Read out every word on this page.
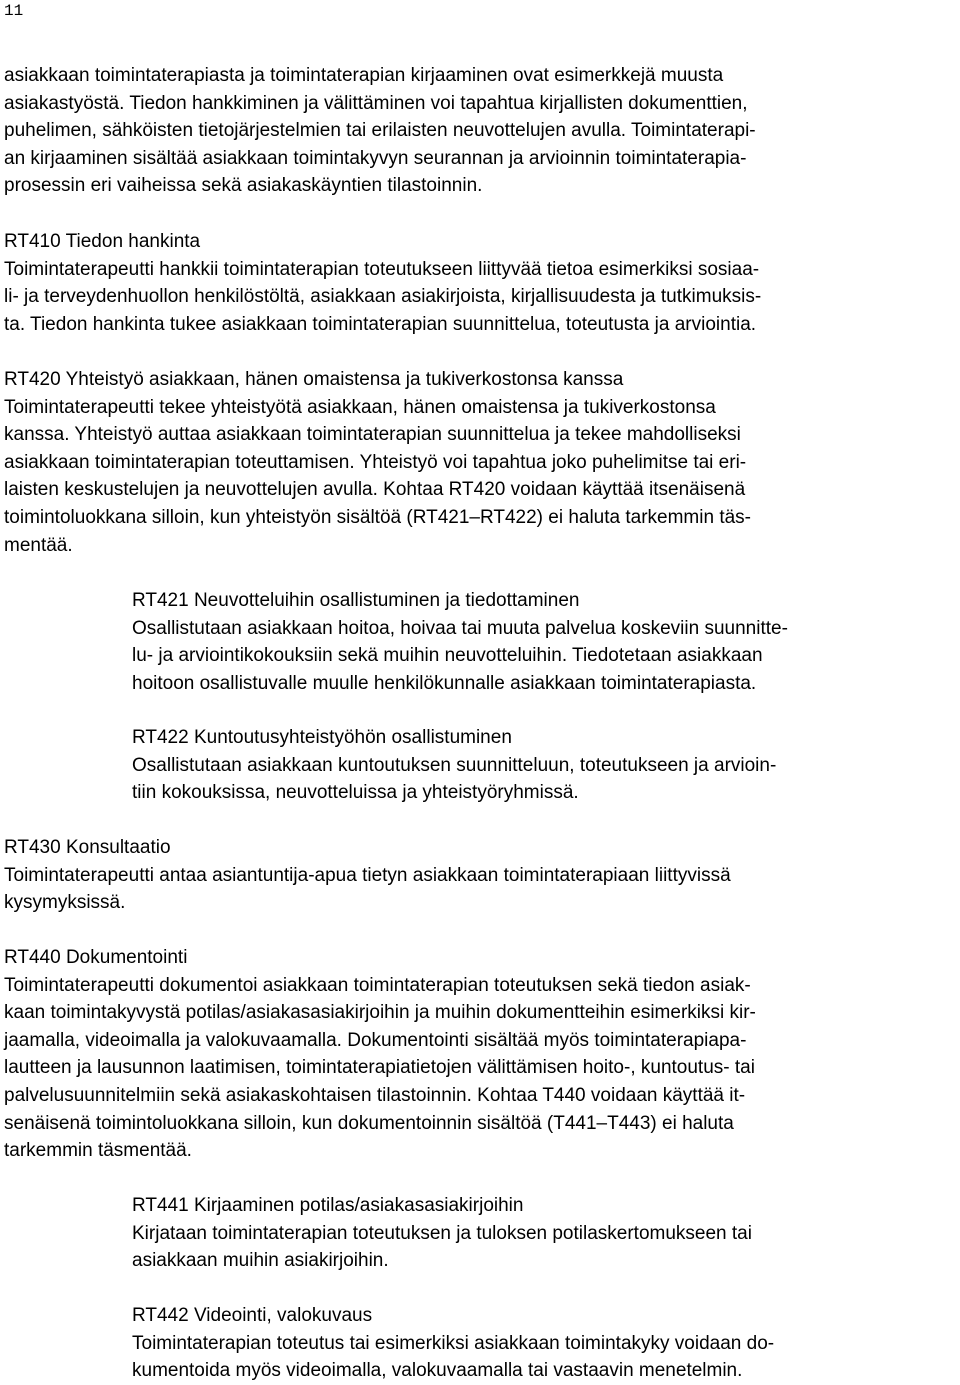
11
asiakkaan toimintaterapiasta ja toimintaterapian kirjaaminen ovat esimerkkejä muusta
asiakastyöstä. Tiedon hankkiminen ja välittäminen voi tapahtua kirjallisten dokumenttien,
puhelimen, sähköisten tietojärjestelmien tai erilaisten neuvottelujen avulla. Toimintaterapi-
an kirjaaminen sisältää asiakkaan toimintakyvyn seurannan ja arvioinnin toimintaterapia-
prosessin eri vaiheissa sekä asiakaskäyntien tilastoinnin.
RT410 Tiedon hankinta
Toimintaterapeutti hankkii toimintaterapian toteutukseen liittyvää tietoa esimerkiksi sosiaa-
li- ja terveydenhuollon henkilöstöltä, asiakkaan asiakirjoista, kirjallisuudesta ja tutkimuksis-
ta. Tiedon hankinta tukee asiakkaan toimintaterapian suunnittelua, toteutusta ja arviointia.
RT420 Yhteistyö asiakkaan, hänen omaistensa ja tukiverkostonsa kanssa
Toimintaterapeutti tekee yhteistyötä asiakkaan, hänen omaistensa ja tukiverkostonsa
kanssa. Yhteistyö auttaa asiakkaan toimintaterapian suunnittelua ja tekee mahdolliseksi
asiakkaan toimintaterapian toteuttamisen. Yhteistyö voi tapahtua joko puhelimitse tai eri-
laisten keskustelujen ja neuvottelujen avulla. Kohtaa RT420 voidaan käyttää itsenäisenä
toimintoluokkana silloin, kun yhteistyön sisältöä (RT421–RT422) ei haluta tarkemmin täs-
mentää.
RT421 Neuvotteluihin osallistuminen ja tiedottaminen
Osallistutaan asiakkaan hoitoa, hoivaa tai muuta palvelua koskeviin suunnitte-
lu- ja arviointikokouksiin sekä muihin neuvotteluihin. Tiedotetaan asiakkaan
hoitoon osallistuvalle muulle henkilökunnalle asiakkaan toimintaterapiasta.
RT422 Kuntoutusyhteistyöhön osallistuminen
Osallistutaan asiakkaan kuntoutuksen suunnitteluun, toteutukseen ja arvioin-
tiin kokouksissa, neuvotteluissa ja yhteistyöryhmissä.
RT430 Konsultaatio
Toimintaterapeutti antaa asiantuntija-apua tietyn asiakkaan toimintaterapiaan liittyvissä
kysymyksissä.
RT440 Dokumentointi
Toimintaterapeutti dokumentoi asiakkaan toimintaterapian toteutuksen sekä tiedon asiak-
kaan toimintakyvystä potilas/asiakasasiakirjoihin ja muihin dokumentteihin esimerkiksi kir-
jaamalla, videoimalla ja valokuvaamalla. Dokumentointi sisältää myös toimintaterapiapa-
lautteen ja lausunnon laatimisen, toimintaterapiatietojen välittämisen hoito-, kuntoutus- tai
palvelusuunnitelmiin sekä asiakaskohtaisen tilastoinnin. Kohtaa T440 voidaan käyttää it-
senäisenä toimintoluokkana silloin, kun dokumentoinnin sisältöä (T441–T443) ei haluta
tarkemmin täsmentää.
RT441 Kirjaaminen potilas/asiakasasiakirjoihin
Kirjataan toimintaterapian toteutuksen ja tuloksen potilaskertomukseen tai
asiakkaan muihin asiakirjoihin.
RT442 Videointi, valokuvaus
Toimintaterapian toteutus tai esimerkiksi asiakkaan toimintakyky voidaan do-
kumentoida myös videoimalla, valokuvaamalla tai vastaavin menetelmin.
